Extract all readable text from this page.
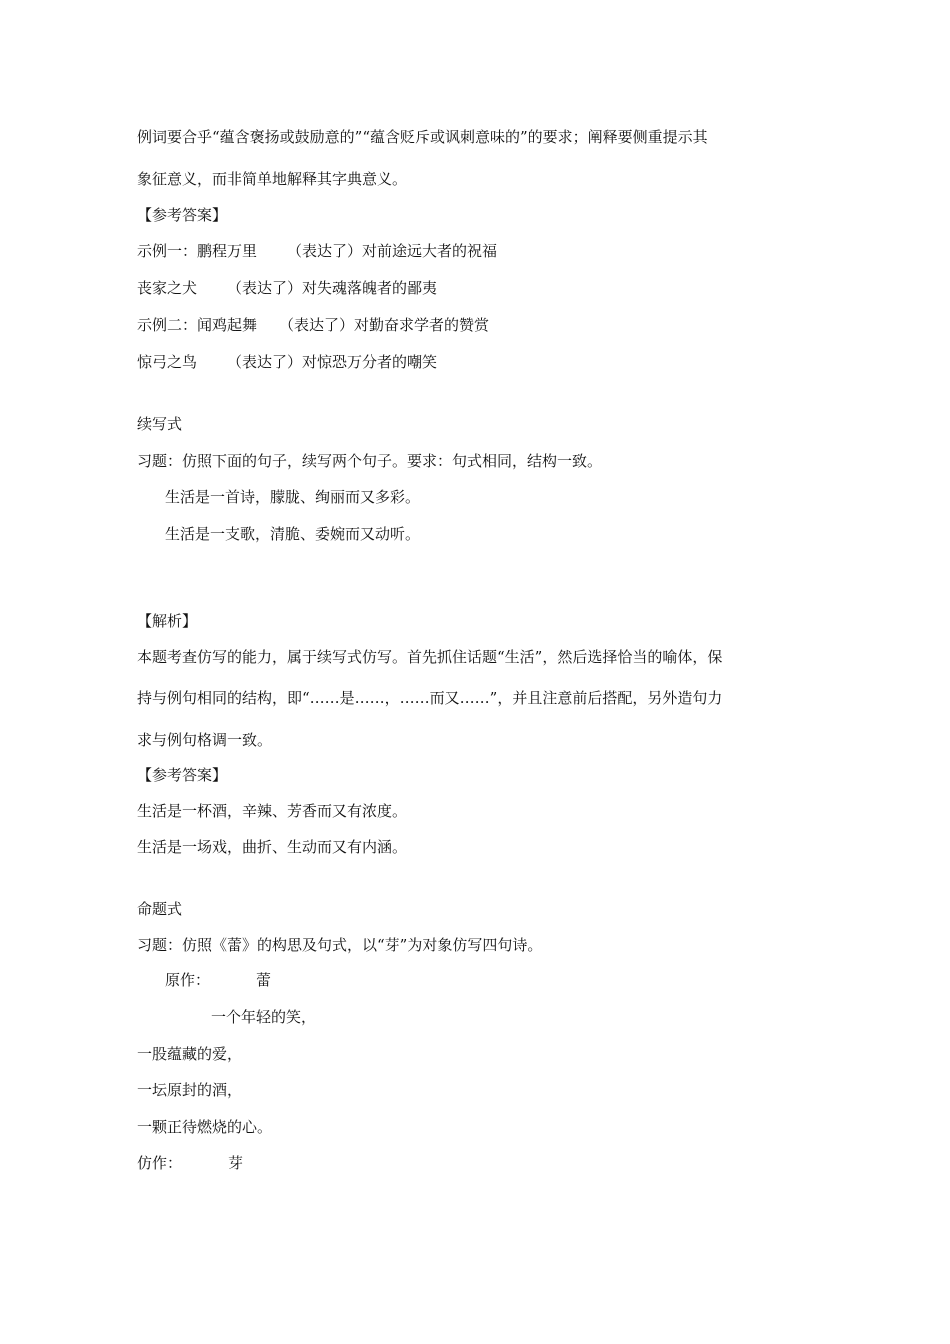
例词要合乎“蕴含褒扬或鼓励意的”“蕴含贬斥或讽刺意味的”的要求；阐释要侧重提示其

象征意义，而非简单地解释其字典意义。

【参考答案】

示例一：鹏程万里 （表达了）对前途远大者的祝福

丧家之犬 （表达了）对失魂落魄者的鄙夷

示例二：闻鸡起舞 （表达了）对勤奋求学者的赞赏

惊弓之鸟 （表达了）对惊恐万分者的嘲笑

续写式

习题：仿照下面的句子，续写两个句子。要求：句式相同，结构一致。

生活是一首诗，朦胧、绚丽而又多彩。

生活是一支歌，清脆、委婉而又动听。

【解析】

本题考查仿写的能力，属于续写式仿写。首先抓住话题“生活”，然后选择恰当的喻体，保

持与例句相同的结构，即“……是……，……而又……”，并且注意前后搭配，另外造句力

求与例句格调一致。

【参考答案】

生活是一杯酒，辛辣、芳香而又有浓度。

生活是一场戏，曲折、生动而又有内涵。

命题式

习题：仿照《蕾》的构思及句式，以“芽”为对象仿写四句诗。

原作：	蕾

一个年轻的笑，

一股蕴藏的爱，

一坛原封的酒，

一颗正待燃烧的心。

仿作：	芽
